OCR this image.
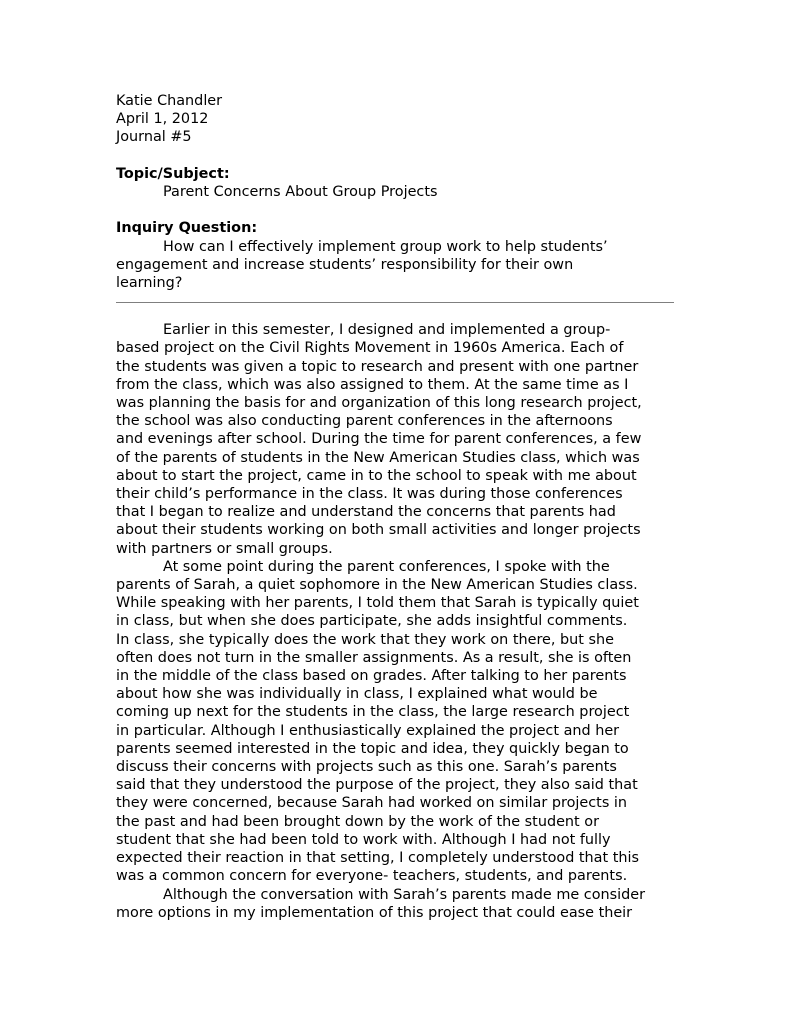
Katie Chandler
April 1, 2012
Journal #5
Topic/Subject:
Parent Concerns About Group Projects
Inquiry Question:
How can I effectively implement group work to help students’
engagement and increase students’ responsibility for their own
learning?
Earlier in this semester, I designed and implemented a group-
based project on the Civil Rights Movement in 1960s America. Each of
the students was given a topic to research and present with one partner
from the class, which was also assigned to them. At the same time as I
was planning the basis for and organization of this long research project,
the school was also conducting parent conferences in the afternoons
and evenings after school. During the time for parent conferences, a few
of the parents of students in the New American Studies class, which was
about to start the project, came in to the school to speak with me about
their child’s performance in the class. It was during those conferences
that I began to realize and understand the concerns that parents had
about their students working on both small activities and longer projects
with partners or small groups.
At some point during the parent conferences, I spoke with the
parents of Sarah, a quiet sophomore in the New American Studies class.
While speaking with her parents, I told them that Sarah is typically quiet
in class, but when she does participate, she adds insightful comments.
In class, she typically does the work that they work on there, but she
often does not turn in the smaller assignments. As a result, she is often
in the middle of the class based on grades. After talking to her parents
about how she was individually in class, I explained what would be
coming up next for the students in the class, the large research project
in particular. Although I enthusiastically explained the project and her
parents seemed interested in the topic and idea, they quickly began to
discuss their concerns with projects such as this one. Sarah’s parents
said that they understood the purpose of the project, they also said that
they were concerned, because Sarah had worked on similar projects in
the past and had been brought down by the work of the student or
student that she had been told to work with. Although I had not fully
expected their reaction in that setting, I completely understood that this
was a common concern for everyone- teachers, students, and parents.
Although the conversation with Sarah’s parents made me consider
more options in my implementation of this project that could ease their
